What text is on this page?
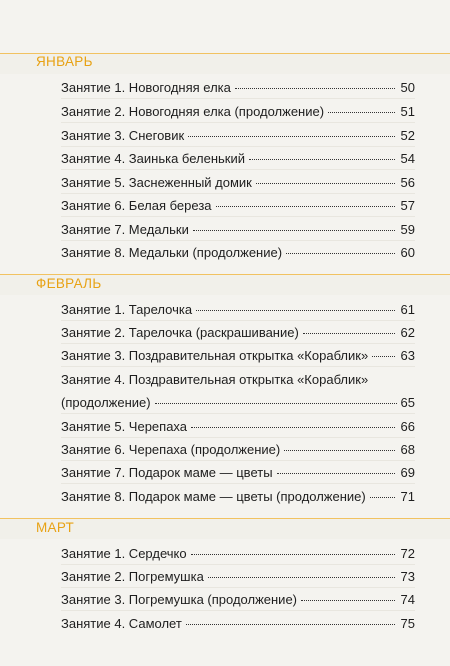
ЯНВАРЬ
Занятие 1. Новогодняя елка	50
Занятие 2. Новогодняя елка (продолжение)	51
Занятие 3. Снеговик	52
Занятие 4. Заинька беленький	54
Занятие 5. Заснеженный домик	56
Занятие 6. Белая береза	57
Занятие 7. Медальки	59
Занятие 8. Медальки (продолжение)	60
ФЕВРАЛЬ
Занятие 1. Тарелочка	61
Занятие 2. Тарелочка (раскрашивание)	62
Занятие 3. Поздравительная открытка «Кораблик» 63
Занятие 4. Поздравительная открытка «Кораблик»
(продолжение)	65
Занятие 5. Черепаха	66
Занятие 6. Черепаха (продолжение)	68
Занятие 7. Подарок маме — цветы	69
Занятие 8. Подарок маме — цветы (продолжение)	71
МАРТ
Занятие 1. Сердечко	72
Занятие 2. Погремушка	73
Занятие 3. Погремушка (продолжение)	74
Занятие 4. Самолет	75
